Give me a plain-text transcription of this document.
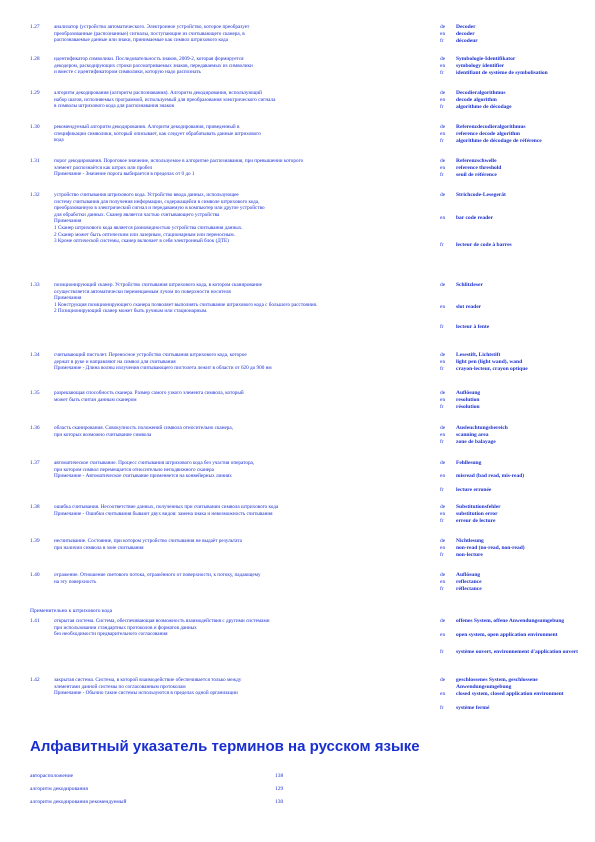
1.27	анализатор (устройство автоматического. Электронное устройство, которое преобразует
преобразованные (распознанные) сигналы, поступающие из считывающего сканера, в
распознаваемые данные или знаки, принимаемые как символ штрихового кода
de	Decoder
en	decoder
fr	décodeur
1.28	идентификатор символики. Последовательность знаков, 2009-2, которая формируется
декодером, раскодирующих строки рассматриваемых знаков, передаваемых из символики
и вместе с идентификатором символики, которую надо распознать
de	Symbologie-Identifikator
en	symbology identifier
fr	identifiant de système de symbolisation
1.29	алгоритм декодирования (алгоритм распознавания). Алгоритм декодирования, использующий
набор шагов, исполняемых программой, используемый для преобразования электрического сигнала
в символы штрихового кода для распознавания знаков
de	Decodieralgorithmus
en	decode algorithm
fr	algorithme de décodage
1.30	рекомендуемый алгоритм декодирования. Алгоритм декодирования, приведенный в
спецификации символики, который описывает, как следует обрабатывать данные штрихового
кода
de	Referenzdecodieralgorithmus
en	reference decode algorithm
fr	algorithme de décodage de référence
1.31	порог декодирования. Пороговое значение, используемое в алгоритме распознавания, при превышении которого
элемент распознаётся как штрих или пробел
Примечание - Значение порога выбирается в пределах от 0 до 1
de	Referenzschwelle
en	reference threshold
fr	seuil de référence
1.32	устройство считывания штрихового кода. Устройство ввода данных, использующее
систему считывания для получения информации, содержащейся в символе штрихового кода,
преобразованную в электрический сигнал и передаваемую в компьютер или другое устройство
для обработки данных. Сканер является частью считывающего устройства
Примечания
1 Сканер штрихового кода является разновидностью устройства считывания данных.
2 Сканер может быть оптическим или лазерным, стационарным или переносным.
3 Кроме оптической системы, сканер включает в себя электронный блок (ДТЕ)
de	Strichcode-Lesegerät
en	bar code reader
fr	lecteur de code à barres
1.33	позиционирующий сканер. Устройство считывания штрихового кода, в котором сканирование
осуществляется автоматически перемещаемым лучом по поверхности носителя
Примечания
1 Конструкция позиционирующего сканера позволяет выполнять считывание штрихового кода с большого расстояния.
2 Позиционирующий сканер может быть ручным или стационарным.
de	Schlitzleser
en	slot reader
fr	lecteur à fente
1.34	считывающий пистолет. Переносное устройство считывания штрихового кода, которое
держат в руке и направляют на символ для считывания
Примечание - Длина волны излучения считывающего пистолета лежит в области от 620 до 900 нм
de	Lesestift, Lichtstift
en	light pen (light wand), wand
fr	crayon-lecteur, crayon optique
1.35	разрешающая способность сканера. Размер самого узкого элемента символа, который
может быть считан данным сканером
de	Auflösung
en	resolution
fr	résolution
1.36	область сканирования. Совокупность положений символа относительно сканера,
при которых возможно считывание символа
de	Ausleuchtungsbereich
en	scanning area
fr	zone de balayage
1.37	автоматическое считывание. Процесс считывания штрихового кода без участия оператора,
при котором символ перемещается относительно неподвижного сканера
Примечание - Автоматическое считывание применяется на конвейерных линиях
de	Fehllesung
en	misread (bad read, mis-read)
fr	lecture erronée
1.38	ошибка считывания. Несоответствие данных, полученных при считывании символа штрихового кода
Примечание - Ошибки считывания бывают двух видов: замена знака и невозможность считывания
de	Substitutionsfehler
en	substitution error
fr	erreur de lecture
1.39	несчитывание. Состояние, при котором устройство считывания не выдаёт результата
при наличии символа в зоне считывания
de	Nichtlesung
en	non-read (no-read, non-read)
fr	non-lecture
1.40	отражение. Отношение светового потока, отражённого от поверхности, к потоку, падающему
на эту поверхность
de	Auflösung
en	reflectance
fr	réflectance
Применительно к штрихового кода
1.41	открытая система. Система, обеспечивающая возможность взаимодействия с другими системами
при использовании стандартных протоколов и форматов данных
без необходимости предварительного согласования
de	offenes System, offene Anwendungsumgebung
en	open system, open application environment
fr	système ouvert, environnement d'application ouvert
1.42	закрытая система. Система, в которой взаимодействие обеспечивается только между
элементами данной системы по согласованным протоколам
Примечание - Обычно такие системы используются в пределах одной организации
de	geschlossenes System, geschlossene Anwendungsumgebung
en	closed system, closed application environment
fr	système fermé
Алфавитный указатель терминов на русском языке
авторасположение	138
алгоритм декодирования	129
алгоритм декодирования рекомендуемый	130
